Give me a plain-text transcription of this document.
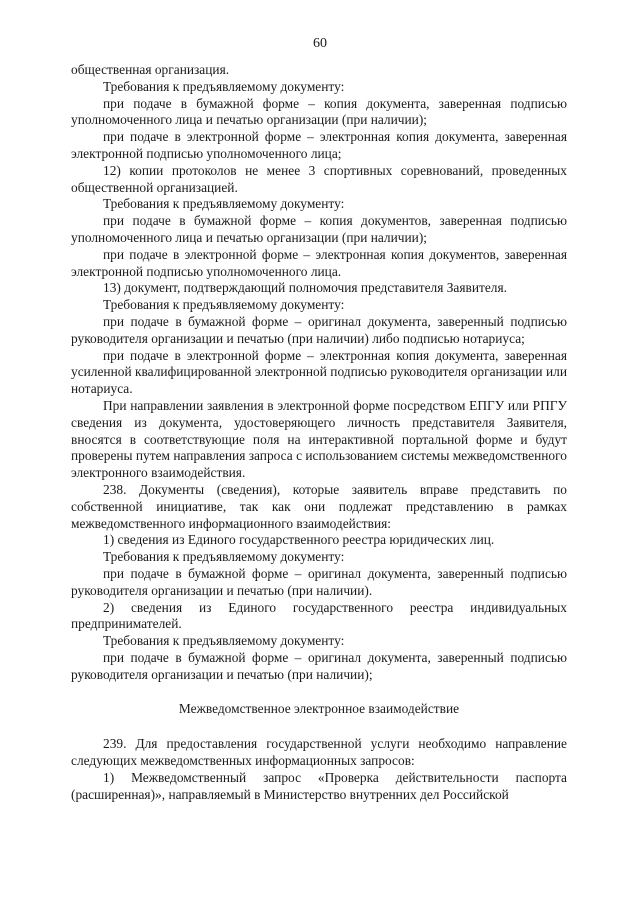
60

общественная организация.

Требования к предъявляемому документу:

при подаче в бумажной форме – копия документа, заверенная подписью уполномоченного лица и печатью организации (при наличии);

при подаче в электронной форме – электронная копия документа, заверенная электронной подписью уполномоченного лица;

12) копии протоколов не менее 3 спортивных соревнований, проведенных общественной организацией.

Требования к предъявляемому документу:

при подаче в бумажной форме – копия документов, заверенная подписью уполномоченного лица и печатью организации (при наличии);

при подаче в электронной форме – электронная копия документов, заверенная электронной подписью уполномоченного лица.

13) документ, подтверждающий полномочия представителя Заявителя.

Требования к предъявляемому документу:

при подаче в бумажной форме – оригинал документа, заверенный подписью руководителя организации и печатью (при наличии) либо подписью нотариуса;

при подаче в электронной форме – электронная копия документа, заверенная усиленной квалифицированной электронной подписью руководителя организации или нотариуса.

При направлении заявления в электронной форме посредством ЕПГУ или РПГУ сведения из документа, удостоверяющего личность представителя Заявителя, вносятся в соответствующие поля на интерактивной портальной форме и будут проверены путем направления запроса с использованием системы межведомственного электронного взаимодействия.

238. Документы (сведения), которые заявитель вправе представить по собственной инициативе, так как они подлежат представлению в рамках межведомственного информационного взаимодействия:

1) сведения из Единого государственного реестра юридических лиц.

Требования к предъявляемому документу:

при подаче в бумажной форме – оригинал документа, заверенный подписью руководителя организации и печатью (при наличии).

2) сведения из Единого государственного реестра индивидуальных предпринимателей.

Требования к предъявляемому документу:

при подаче в бумажной форме – оригинал документа, заверенный подписью руководителя организации и печатью (при наличии);

Межведомственное электронное взаимодействие

239. Для предоставления государственной услуги необходимо направление следующих межведомственных информационных запросов:

1) Межведомственный запрос «Проверка действительности паспорта (расширенная)», направляемый в Министерство внутренних дел Российской
